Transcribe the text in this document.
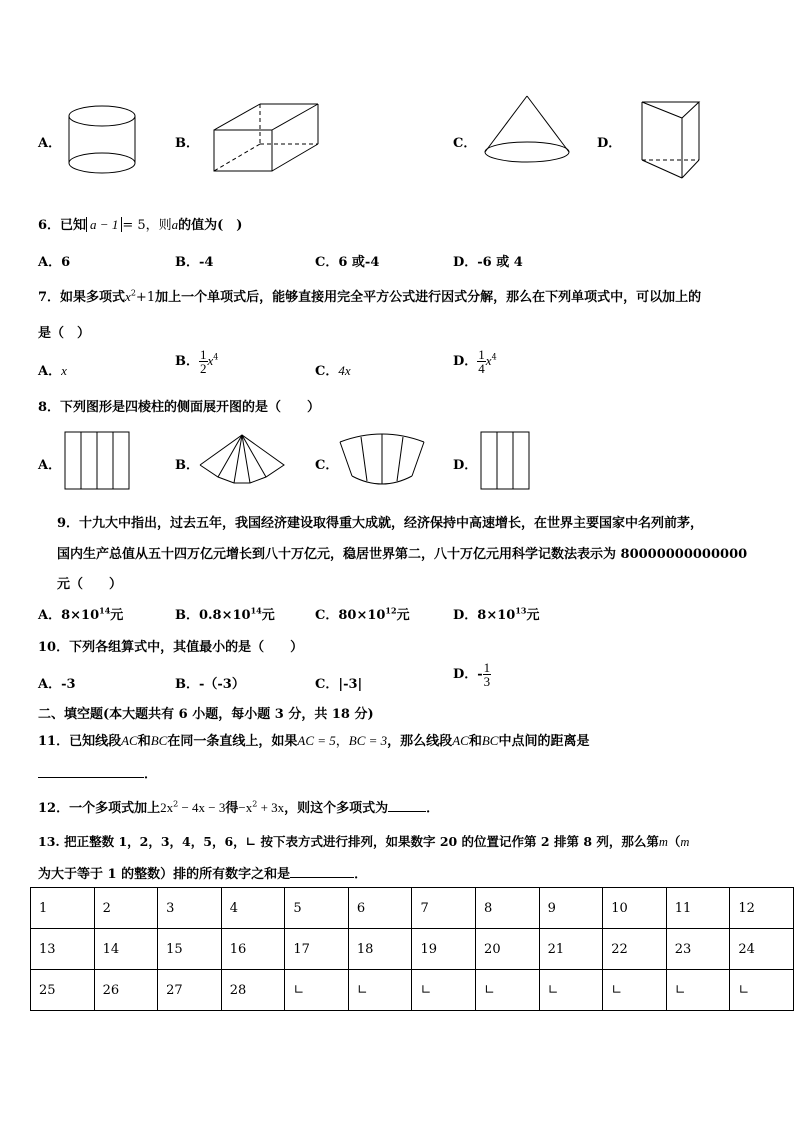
A．	B．	C．	D．
6．已知 a − 1 = 5，则a的值为(　)
A．6	B．-4	C．6 或-4	D．-6 或 4
7．如果多项式$x^2+1$加上一个单项式后，能够直接用完全平方公式进行因式分解，那么在下列单项式中，可以加上的
是（　）
A．x
B． $\frac{1}{2} x^4$
C．4x
D． $\frac{1}{4} x^4$
8．下列图形是四棱柱的侧面展开图的是（　　）
A．	B．	C．	D．
9．十九大中指出，过去五年，我国经济建设取得重大成就，经济保持中高速增长，在世界主要国家中名列前茅，
国内生产总值从五十四万亿元增长到八十万亿元，稳居世界第二，八十万亿元用科学记数法表示为 80000000000000
元（　　）
A．$8\times 10^{14}$元	B．$0.8\times 10^{14}$元	C．$80\times 10^{12}$元	D．$8\times 10^{13}$元
10．下列各组算式中，其值最小的是（　　）
A．-3	B．-（-3）	C．|-3|
D．- $\frac{1}{3}$
二、填空题(本大题共有 6 小题，每小题 3 分，共 18 分)
11．已知线段AC和BC在同一条直线上，如果AC = 5，BC = 3，那么线段AC和BC中点间的距离是
．
12．一个多项式加上$2x^2 - 4x - 3$得$-x^2 + 3x$，则这个多项式为	．
13. 把正整数 1，2，3，4，5，6，∟ 按下表方式进行排列，如果数字 20 的位置记作第 2 排第 8 列，那么第m（m
为大于等于 1 的整数）排的所有数字之和是	．
1	2	3	4	5	6	7	8	9	10	11	12
13	14	15	16	17	18	19	20	21	22	23	24
25	26	27	28	∟	∟	∟	∟	∟	∟	∟	∟
